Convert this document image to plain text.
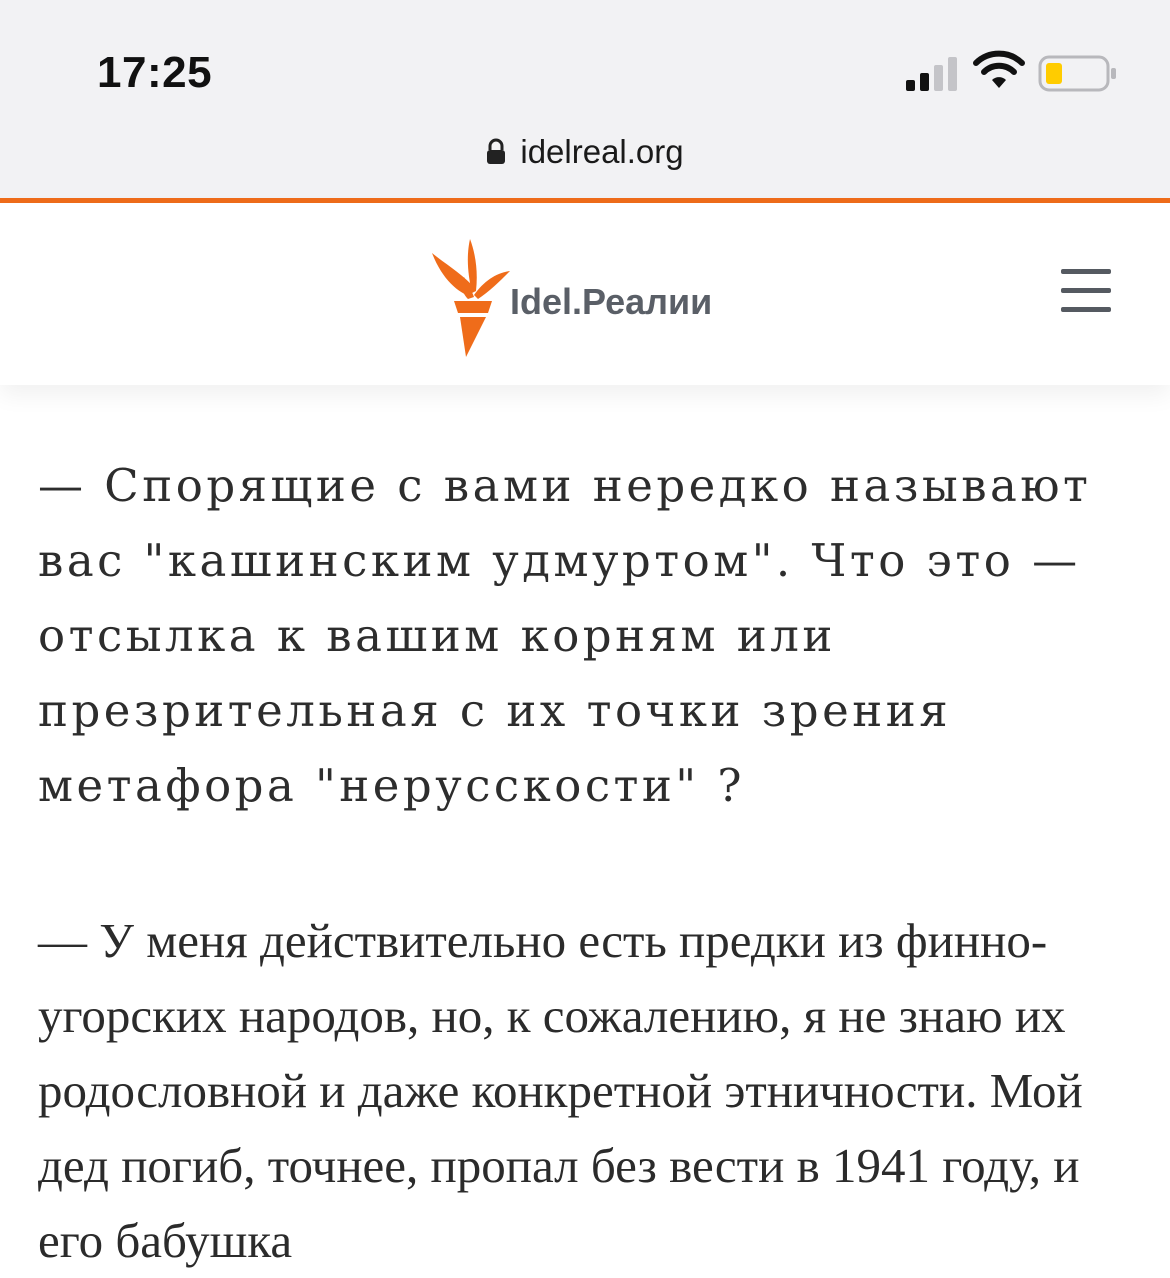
17:25
idelreal.org
Idel.Реалии

— Спорящие с вами нередко называют вас "кашинским удмуртом". Что это — отсылка к вашим корням или презрительная с их точки зрения метафора "нерусскости" ?

— У меня действительно есть предки из финно-угорских народов, но, к сожалению, я не знаю их родословной и даже конкретной этничности. Мой дед погиб, точнее, пропал без вести в 1941 году, и его бабушка
